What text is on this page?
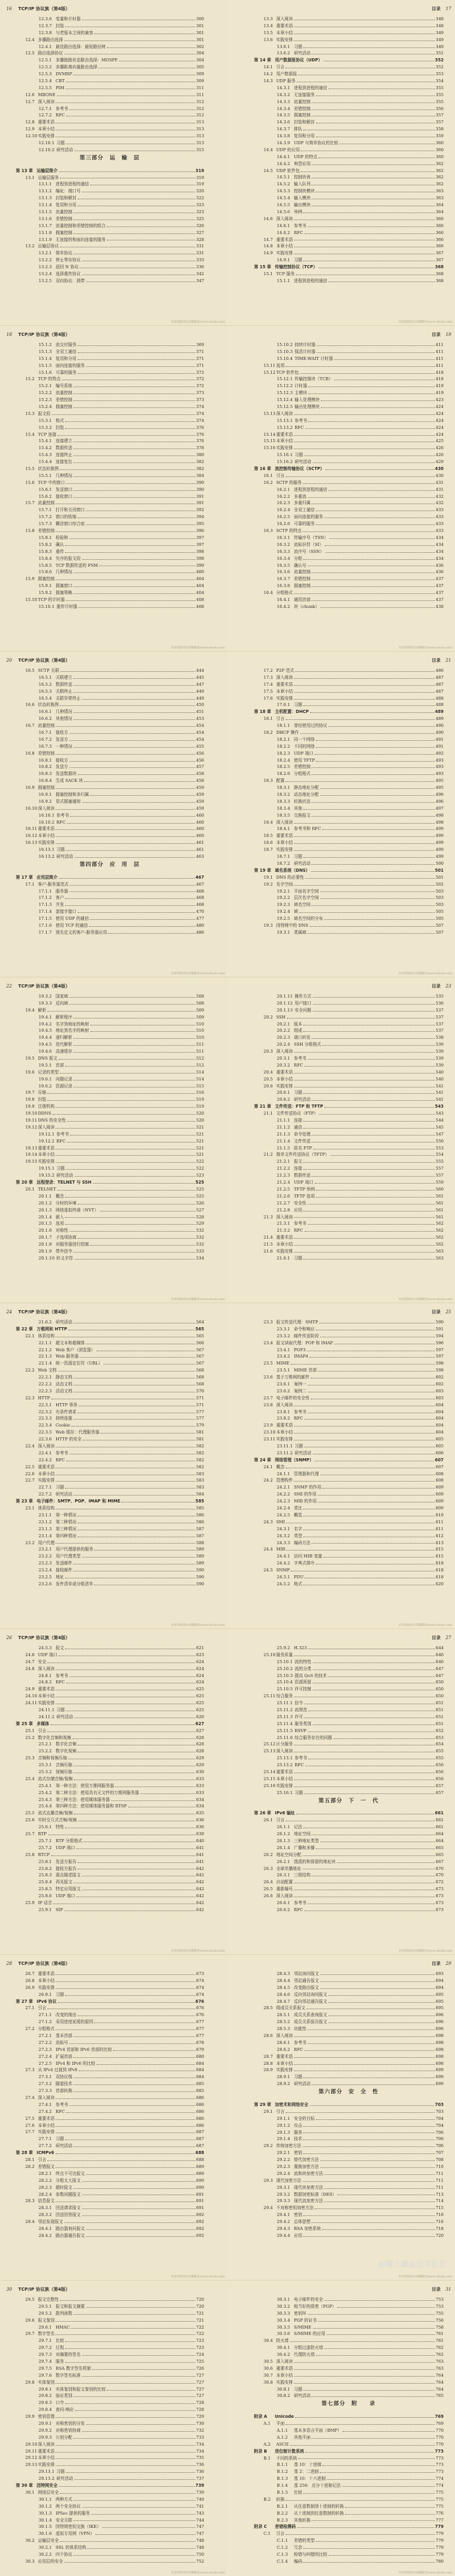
16 TCP/IP 协议族（第4版）
12.3.6 变量和计时器	300
12.3.7 封装	301
12.3.8 与老版本之间的兼容	301
12.4 多播路由选择	301
12.4.1 最佳路由选择：最短路径树	302
12.5 路由选择协议	304
12.5.1 多播链路状态路由选择：MOSPF	304
12.5.2 多播距离向量路由选择	305
12.5.3 DVMRP	309
12.5.4 CBT	309
12.5.5 PIM	311
12.6 MBONE	311
12.7 深入阅读	312
12.7.1 参考书	312
12.7.2 RFC	312
12.8 重要术语	313
12.9 本章小结	313
12.10 实践安排	313
12.10.1 习题	313
12.10.2 研究活动	315
第三部分　运　输　层
第 13 章 运输层简介	319
13.1 运输层服务	319
13.1.1 进程到进程的通信	319
13.1.2 编址：端口号	320
13.1.3 封装和解封	322
13.1.4 复用和分用	323
13.1.5 流量控制	323
13.1.6 差错控制	325
13.1.7 流量控制和差错控制的组合	326
13.1.8 拥塞控制	327
13.1.9 无连接的和面向连接的服务	328
13.2 运输层协议	331
13.2.1 简单协议	331
13.2.2 停止等待协议	333
13.2.3 返回 N 协议	336
13.2.4 选择重传协议	342
13.2.5 双向协议：捎带	347
更多资源请访问稀酷客(www.ckook.com)
目录 17
13.3 深入阅读	348
13.4 重要术语	348
13.5 本章小结	349
13.6 实践安排	349
13.6.1 习题	349
13.6.2 研究活动	351
第 14 章 用户数据报协议（UDP）	352
14.1 引言	352
14.2 用户数据报	353
14.3 UDP 服务	354
14.3.1 进程到进程的通信	355
14.3.2 无连接服务	355
14.3.3 流量控制	355
14.3.4 差错控制	356
14.3.5 拥塞控制	357
14.3.6 封装和解封	357
14.3.7 排队	358
14.3.8 复用和分用	359
14.3.9 UDP 与简单协议的比较	360
14.4 UDP 的应用	360
14.4.1 UDP 的特点	360
14.4.2 典型应用	362
14.5 UDP 软件包	362
14.5.1 控制块表	362
14.5.2 输入队列	362
14.5.3 控制块模块	363
14.5.4 输入模块	363
14.5.5 输出模块	364
14.5.6 举例	364
14.6 深入阅读	366
14.6.1 参考书	366
14.6.2 RFC	366
14.7 重要术语	366
14.8 本章小结	366
14.9 实践安排	367
14.9.1 习题	367
第 15 章 传输控制协议（TCP）	368
15.1 TCP 服务	368
15.1.1 进程到进程的通信	368
更多资源请访问稀酷客(www.ckook.com)
18 TCP/IP 协议族（第4版）
15.1.2 流交付服务	369
15.1.3 全双工通信	371
15.1.4 复用和分用	371
15.1.5 面向连接的服务	371
15.1.6 可靠的服务	372
15.2 TCP 的特点	372
15.2.1 编号系统	372
15.2.2 流量控制	373
15.2.3 差错控制	373
15.2.4 拥塞控制	374
15.3 报文段	374
15.3.1 格式	374
15.3.2 封装	376
15.4 TCP 连接	376
15.4.1 连接建立	376
15.4.2 数据传送	378
15.4.3 连接终止	380
15.4.4 连接复位	382
15.5 状态转换图	382
15.5.1 几种情况	384
15.6 TCP 中的窗口	390
15.6.1 发送窗口	390
15.6.2 接收窗口	391
15.7 流量控制	391
15.7.1 打开和关闭窗口	392
15.7.2 窗口的收缩	394
15.7.3 糊涂窗口综合症	395
15.8 差错控制	396
15.8.1 检验和	397
15.8.2 确认	397
15.8.3 重传	398
15.8.4 失序的报文段	398
15.8.5 TCP 数据传送的 FSM	399
15.8.6 几种情况	400
15.9 拥塞控制	404
15.9.1 拥塞窗口	404
15.9.2 拥塞策略	404
15.10 TCP 的计时器	408
15.10.1 重传计时器	408
更多资源请访问稀酷客(www.ckook.com)
目录 19
15.10.2 持续计时器	411
15.10.3 保活计时器	411
15.10.4 TIME-WAIT 计时器	411
15.11 选项	411
15.12 TCP 软件包	418
15.12.1 传输控制块（TCB）	418
15.12.2 计时器	419
15.12.3 主模块	419
15.12.4 输入处理模块	423
15.12.5 输出处理模块	424
15.13 深入阅读	424
15.13.1 参考书	424
15.13.2 RFC	424
15.14 重要术语	424
15.15 本章小结	425
15.16 实践安排	426
15.16.1 习题	426
15.16.2 研究活动	429
第 16 章 流控制传输协议（SCTP）	430
16.1 引言	430
16.2 SCTP 的服务	431
16.2.1 进程到进程的通信	431
16.2.2 多重流	432
16.2.3 多重归属	432
16.2.4 全双工通信	433
16.2.5 面向连接的服务	433
16.2.6 可靠的服务	433
16.3 SCTP 的特点	433
16.3.1 传输序号（TSN）	434
16.3.2 流标识符（SI）	434
16.3.3 流序号（SSN）	434
16.3.4 分组	434
16.3.5 确认号	436
16.3.6 流量控制	436
16.3.7 差错控制	437
16.3.8 拥塞控制	437
16.4 分组格式	437
16.4.1 通用首部	437
16.4.2 块（chunk）	438
更多资源请访问稀酷客(www.ckook.com)
20 TCP/IP 协议族（第4版）
16.5 SCTP 关联	444
16.5.1 关联建立	445
16.5.2 数据传送	447
16.5.3 关联终止	449
16.5.4 关联异常终止	449
16.6 状态转换图	450
16.6.1 几种情况	451
16.6.2 其他情况	453
16.7 流量控制	454
16.7.1 接收方	454
16.7.2 发送方	454
16.7.3 一种情况	455
16.8 差错控制	456
16.8.1 接收方	456
16.8.2 发送方	457
16.8.3 发送数据块	458
16.8.4 生成 SACK 块	458
16.9 拥塞控制	459
16.9.1 拥塞控制和多归属	459
16.9.2 显式拥塞通知	459
16.10 深入阅读	459
16.10.1 参考书	460
16.10.2 RFC	460
16.11 重要术语	460
16.12 本章小结	460
16.13 实践安排	461
16.13.1 习题	461
16.13.2 研究活动	463
第四部分　应　用　层
第 17 章 应用层简介	467
17.1 客户-服务器范式	467
17.1.1 服务器	468
17.1.2 客户	468
17.1.3 并发	468
17.1.4 套接字接口	470
17.1.5 使用 UDP 的通信	477
17.1.6 使用 TCP 的通信	480
17.1.7 预先定义的客户-服务器应用	486
更多资源请访问稀酷客(www.ckook.com)
目录 21
17.2 P2P 范式	486
17.3 深入阅读	487
17.4 重要术语	487
17.5 本章小结	487
17.6 实践安排	488
17.6.1 习题	488
第 18 章 主机配置：DHCP	489
18.1 引言	489
18.1.1 曾经使用过的协议	490
18.2 DHCP 操作	490
18.2.1 同一个网络	491
18.2.2 不同的网络	491
18.2.3 UDP 端口	492
18.2.4 使用 TFTP	493
18.2.5 差错控制	493
18.2.6 分组格式	493
18.3 配置	495
18.3.1 静态地址分配	495
18.3.2 动态地址分配	496
18.3.3 转换状态	496
18.3.4 其他	497
18.3.5 交换报文	498
18.4 深入阅读	498
18.4.1 参考书和 RFC	499
18.5 重要术语	499
18.6 本章小结	499
18.7 实践安排	499
18.7.1 习题	499
18.7.2 研究活动	500
第 19 章 域名系统（DNS）	501
19.1 DNS 的必要性	501
19.2 名字空间	502
19.2.1 平面名字空间	503
19.2.2 层次名字空间	503
19.2.3 域名空间	503
19.2.4 域	505
19.2.5 域名空间的分布	505
19.3 因特网中的 DNS	507
19.3.1 类属域	507
更多资源请访问稀酷客(www.ckook.com)
22 TCP/IP 协议族（第4版）
19.3.2 国家域	508
19.3.3 反向域	508
19.4 解析	509
19.4.1 解析程序	509
19.4.2 名字到地址的映射	510
19.4.3 地址到名字的映射	510
19.4.4 递归解析	510
19.4.5 迭代解析	511
19.4.6 高速缓存	511
19.5 DNS 报文	512
19.5.1 首部	512
19.6 记录的类型	514
19.6.1 问题记录	514
19.6.2 资源记录	515
19.7 压缩	516
19.8 封装	519
19.9 注册机构	519
19.10 DDNS	520
19.11 DNS 的安全性	520
19.12 深入阅读	521
19.12.1 参考书	521
19.12.2 RFC	521
19.13 重要术语	521
19.14 本章小结	521
19.15 实践安排	522
19.15.1 习题	522
19.15.2 研究活动	523
第 20 章 远程登录：TELNET 与 SSH	525
20.1 TELNET	525
20.1.1 概念	525
20.1.2 分时的环境	526
20.1.3 网络虚拟终端（NVT）	527
20.1.4 嵌入	528
20.1.5 选项	529
20.1.6 对称性	532
20.1.7 子选项协商	532
20.1.8 对服务器进行控制	532
20.1.9 带外信令	533
20.1.10 转义字符	534
更多资源请访问稀酷客(www.ckook.com)
目录 23
20.1.11 操作方式	535
20.1.12 用户接口	536
20.1.13 安全问题	537
20.2 SSH	537
20.2.1 版本	537
20.2.2 组成	537
20.2.3 端口转发	538
20.2.4 SSH 分组格式	539
20.3 深入阅读	539
20.3.1 参考书	539
20.3.2 RFC	539
20.4 重要术语	540
20.5 本章小结	540
20.6 实践安排	541
20.6.1 习题	541
20.6.2 研究活动	541
第 21 章 文件传送：FTP 和 TFTP	543
21.1 文件传送协议（FTP）	543
21.1.1 连接	544
21.1.2 通信	545
21.1.3 命令处理	547
21.1.4 文件传送	550
21.1.5 匿名 FTP	553
21.2 简单文件传送协议（TFTP）	554
21.2.1 报文	555
21.2.2 连接	557
21.2.3 数据传送	557
21.2.4 UDP 端口	559
21.2.5 TFTP 举例	560
21.2.6 TFTP 选项	561
21.2.7 安全性	561
21.2.8 应用	561
21.3 深入阅读	561
21.3.1 参考书	562
21.3.2 RFC	562
21.4 重要术语	562
21.5 本章小结	562
21.6 实践安排	563
21.6.1 习题	563
更多资源请访问稀酷客(www.ckook.com)
24 TCP/IP 协议族（第4版）
21.6.2 研究活动	564
第 22 章 万维网和 HTTP	565
22.1 体系结构	565
22.1.1 超文本和超媒体	566
22.1.2 Web 客户（浏览器）	567
22.1.3 Web 服务器	567
22.1.4 统一资源定位符（URL）	567
22.2 Web 文档	568
22.2.1 静态文档	568
22.2.2 动态文档	568
22.2.3 活动文档	570
22.3 HTTP	571
22.3.1 HTTP 事务	571
22.3.2 有条件请求	577
22.3.3 持续连接	577
22.3.4 Cookie	579
22.3.5 Web 缓存：代理服务器	581
22.3.6 HTTP 的安全	581
22.4 深入阅读	582
22.4.1 参考书	582
22.4.2 RFC	582
22.5 重要术语	582
22.6 本章小结	583
22.7 实践安排	583
22.7.1 习题	583
22.7.2 研究活动	584
第 23 章 电子邮件：SMTP、POP、IMAP 和 MIME	585
23.1 体系结构	585
23.1.1 第一种情况	586
23.1.2 第二种情况	586
23.1.3 第三种情况	587
23.1.4 第四种情况	587
23.2 用户代理	588
23.2.1 用户代理提供的服务	589
23.2.2 用户代理类型	589
23.2.3 发送邮件	589
23.2.4 接收邮件	590
23.2.5 地址	590
23.2.6 发件清单或分组清单	590
更多资源请访问稀酷客(www.ckook.com)
目录 25
23.3 报文传送代理：SMTP	590
23.3.1 命令和响应	591
23.3.2 邮件传送阶段	594
23.4 报文读取代理：POP 和 IMAP	596
23.4.1 POP3	597
23.4.2 IMAP4	597
23.5 MIME	598
23.5.1 MIME 首部	598
23.6 基于万维网的邮件	602
23.6.1 案例一	602
23.6.2 案例二	603
23.7 电子邮件的安全性	603
23.8 深入阅读	604
23.8.1 参考书	604
23.8.2 RFC	604
23.9 重要术语	604
23.10 本章小结	604
23.11 实践安排	605
23.11.1 习题	605
23.11.2 研究活动	606
第 24 章 网络管理（SNMP）	607
24.1 概念	607
24.1.1 管理器和代理	608
24.2 管理构件	608
24.2.1 SNMP 的作用	609
24.2.2 SMI 的作用	609
24.2.3 MIB 的作用	609
24.2.4 类比	609
24.2.5 概览	610
24.3 SMI	611
24.3.1 名字	611
24.3.2 类型	612
24.3.3 编码方法	613
24.4 MIB	615
24.4.1 访问 MIB 变量	615
24.4.2 字典式排序	618
24.5 SNMP	618
24.5.1 PDU	618
24.5.2 格式	620
更多资源请访问稀酷客(www.ckook.com)
26 TCP/IP 协议族（第4版）
24.5.3 报文	621
24.6 UDP 端口	623
24.7 安全	624
24.8 深入阅读	624
24.8.1 参考书	624
24.8.2 RFC	624
24.9 重要术语	625
24.10 本章小结	625
24.11 实践安排	625
24.11.1 习题	625
24.11.2 研究活动	626
第 25 章 多媒体	627
25.1 引言	627
25.2 数字化音频和视频	628
25.2.1 数字化音频	628
25.2.2 数字化视频	628
25.3 音频和视频压缩	629
25.3.1 音频压缩	629
25.3.2 视频压缩	630
25.4 流式存储音频/视频	633
25.4.1 第一种方法：使用万维网服务器	633
25.4.2 第二种方法：使用具有元文件的万维网服务器	633
25.4.3 第三种方法：使用媒体服务器	634
25.4.4 第四种方法：使用媒体服务器和 RTSP	634
25.5 流式直播音频/视频	635
25.6 实时交互式音频/视频	636
25.6.1 特性	636
25.7 RTP	639
25.7.1 RTP 分组格式	640
25.7.2 UDP 端口	641
25.8 RTCP	641
25.8.1 发送方报告	641
25.8.2 接收方报告	642
25.8.3 源点描述报文	642
25.8.4 再见报文	642
25.8.5 特定应用报文	642
25.8.6 UDP 端口	642
25.9 IP 话音	642
25.9.1 SIP	642
更多资源请访问稀酷客(www.ckook.com)
目录 27
25.9.2 H.323	644
25.10 服务质量	646
25.10.1 流的特性	646
25.10.2 流的分类	647
25.10.3 提高 QoS 的技术	647
25.10.4 资源预留	650
25.10.5 许可控制	650
25.11 综合服务	650
25.11.1 信令	651
25.11.2 流规范	651
25.11.3 许可	651
25.11.4 服务类别	651
25.11.5 RSVP	652
25.11.6 综合服务存在的问题	653
25.12 区分服务	654
25.13 深入阅读	655
25.13.1 参考书	655
25.13.2 RFC	656
25.14 重要术语	656
25.15 本章小结	656
25.16 实践安排	657
25.16.1 习题	657
第五部分　下　一　代
第 26 章 IPv6 编址	661
26.1 引言	661
26.1.1 记法	661
26.1.2 地址空间	664
26.1.3 三种地址类型	664
26.1.4 广播和多播	665
26.2 地址空间分配	665
26.2.1 指派的和保留的地址块	667
26.3 全球单播地址	670
26.3.1 三级结构	670
26.4 自动配置	672
26.5 重新编号	673
26.6 深入阅读	673
26.6.1 参考书	673
26.6.2 RFC	673
更多资源请访问稀酷客(www.ckook.com)
28 TCP/IP 协议族（第4版）
26.7 重要术语	673
26.8 本章小结	674
26.9 实践安排	674
26.9.1 习题	674
第 27 章 IPv6 协议	676
27.1 引言	676
27.1.1 改变的缘由	676
27.1.2 采用进度延缓的原因	677
27.2 分组格式	677
27.2.1 基本首部	677
27.2.2 流标号	678
27.2.3 IPv4 首部和 IPv6 首部的比较	679
27.2.4 扩展首部	680
27.2.5 IPv4 和 IPv6 的比较	684
27.3 从 IPv4 过渡到 IPv6	684
27.3.1 双协议栈	684
27.3.2 隧道技术	685
27.3.3 首部转换	685
27.4 深入阅读	686
27.4.1 参考书	686
27.4.2 RFC	686
27.5 重要术语	686
27.6 本章小结	686
27.7 实践安排	687
27.7.1 习题	687
27.7.2 研究活动	687
第 28 章 ICMPv6	688
28.1 引言	688
28.2 差错报文	689
28.2.1 终点不可达报文	689
28.2.2 分组太大报文	690
28.2.3 超时报文	690
28.2.4 参数问题报文	691
28.3 信息报文	691
28.3.1 回送请求报文	691
28.3.2 回送回答报文	692
28.4 邻站发现报文	692
28.4.1 路由器询问报文	692
28.4.2 路由器通告报文	692
更多资源请访问稀酷客(www.ckook.com)
目录 29
28.4.3 邻站询问报文	693
28.4.4 邻站通告报文	694
28.4.5 改变路由报文	694
28.4.6 反向邻站询问报文	695
28.4.7 反向邻站通告报文	695
28.5 组成员关系报文	695
28.5.1 成员关系查询报文	696
28.5.2 成员关系报告报文	696
28.5.3 功能性	696
28.6 深入阅读	698
28.6.1 参考书	698
28.6.2 RFC	698
28.7 重要术语	698
28.8 本章小结	698
28.9 实践安排	699
28.9.1 习题	699
28.9.2 研究活动	699
第六部分　安　全　性
第 29 章 加密术和网络安全	703
29.1 引言	703
29.1.1 安全的目标	704
29.1.2 攻击	704
29.1.3 服务	706
29.1.4 技术	706
29.2 传统加密方法	706
29.2.1 密钥	707
29.2.2 替代加密方法	708
29.2.3 置换加密方法	710
29.2.4 流和块加密方法	711
29.3 现代加密方法	711
29.3.1 现代块加密方法	711
29.3.2 数据加密标准（DES）	713
29.3.3 现代流加密方法	714
29.4 不对称密钥加密方法	715
29.4.1 密钥	716
29.4.2 总体思想	716
29.4.3 RSA 加密系统	718
29.4.4 应用	720
更多资源请访问稀酷客(www.ckook.com)
30 TCP/IP 协议族（第4版）
29.5 报文完整性	720
29.5.1 报文和报文摘要	720
29.5.2 散列函数	721
29.6 报文鉴别	721
29.6.1 HMAC	722
29.7 数字签名	722
29.7.1 比较	723
29.7.2 过程	723
29.7.3 对摘要的签名	724
29.7.4 服务	725
29.7.5 RSA 数字签名机制	726
29.7.6 数字签名标准	727
29.8 实体鉴别	727
29.8.1 实体鉴别和报文鉴别的比较	727
29.8.2 验证类别	727
29.8.3 口令	728
29.8.4 查问-响应	728
29.9 密钥管理	729
29.9.1 对称密钥的分发	730
29.9.2 对称密钥协商	732
29.9.3 公钥分配	733
29.10 深入阅读	734
29.11 重要术语	734
29.12 本章小结	735
29.13 实践安排	736
29.13.1 习题	736
29.13.2 研究活动	737
第 30 章 因特网安全	739
30.1 网络层安全	739
30.1.1 两种方式	740
30.1.2 两个安全协议	741
30.1.3 IPSec 提供的服务	743
30.1.4 安全关联	744
30.1.5 因特网密钥交换（IKE）	747
30.1.6 虚拟专用网（VPN）	747
30.2 运输层安全	748
30.2.1 SSL 的体系结构	748
30.2.2 四个协议	750
30.3 应用层的安全	752
更多资源请访问稀酷客(www.ckook.com)
目录 31
30.3.1 电子邮件的安全	753
30.3.2 相当好的保密（PGP）	753
30.3.3 密钥环	755
30.3.4 PGP 的证书	756
30.3.5 S/MIME	758
30.3.6 S/MIME 的应用	761
30.4 防火墙	761
30.4.1 分组过滤防火墙	762
30.4.2 代理防火墙	762
30.5 深入阅读	763
30.6 重要术语	763
30.7 本章小结	764
30.8 实践安排	764
30.8.1 习题	764
30.8.2 研究活动	765
第七部分　附　　录
附录 A	Unicode	769
A.1	平面	769
A.1.1	基本多语言平面（BMP）	770
A.1.2	其他平面	770
A.2	ASCII	770
附录 B	进位制计数系统	773
B.1	不同的系统	773
B.1.1	基 10：十进制	773
B.1.2	基 2：二进制	773
B.1.3	基 16：十六进制	774
B.1.4	基 256：点分十进制记法	774
B.1.5	比较	775
B.2	转换	775
B.2.1	从任意数制到十进制的转换	775
B.2.2	从十进制到任意数制的转换	776
B.2.3	其他转换	777
附录 C	差错检测码	779
C.1	引言	779
C.1.1	差错的类型	779
C.1.2	冗余	779
C.1.3	检错与纠错的比较	779
C.1.4	编码	780
更多资源请访问稀酷客(www.ckook.com)
@稀土掘金技术社区
